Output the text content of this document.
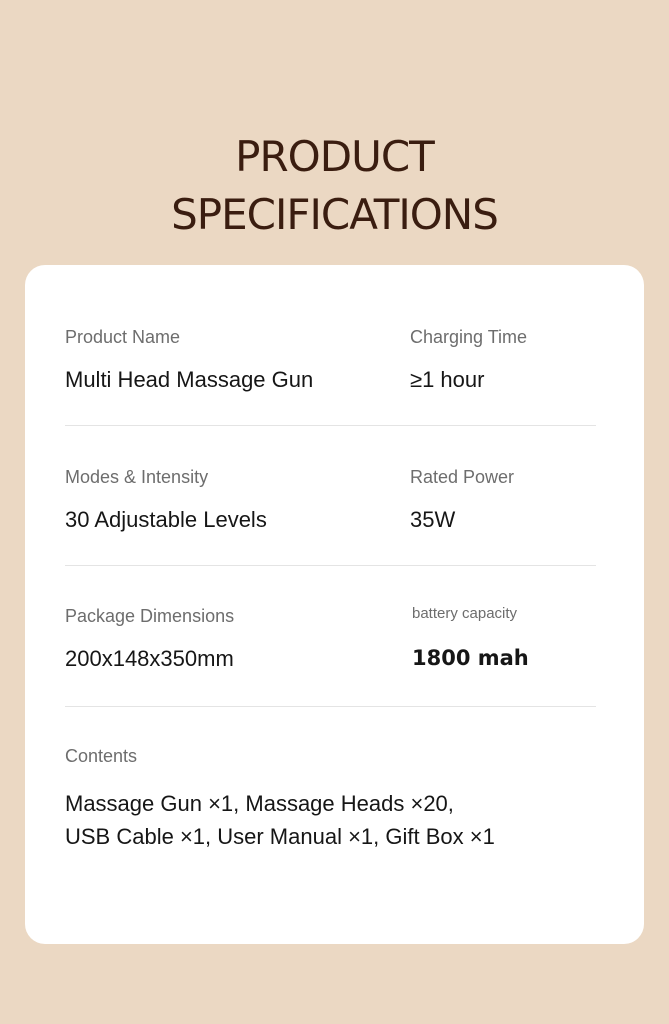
PRODUCT
SPECIFICATIONS
Product Name
Multi Head Massage Gun
Charging Time
≥1 hour
Modes & Intensity
30 Adjustable Levels
Rated Power
35W
Package Dimensions
200x148x350mm
battery capacity
1800 mah
Contents
Massage Gun ×1, Massage Heads ×20,
USB Cable ×1, User Manual ×1, Gift Box ×1
